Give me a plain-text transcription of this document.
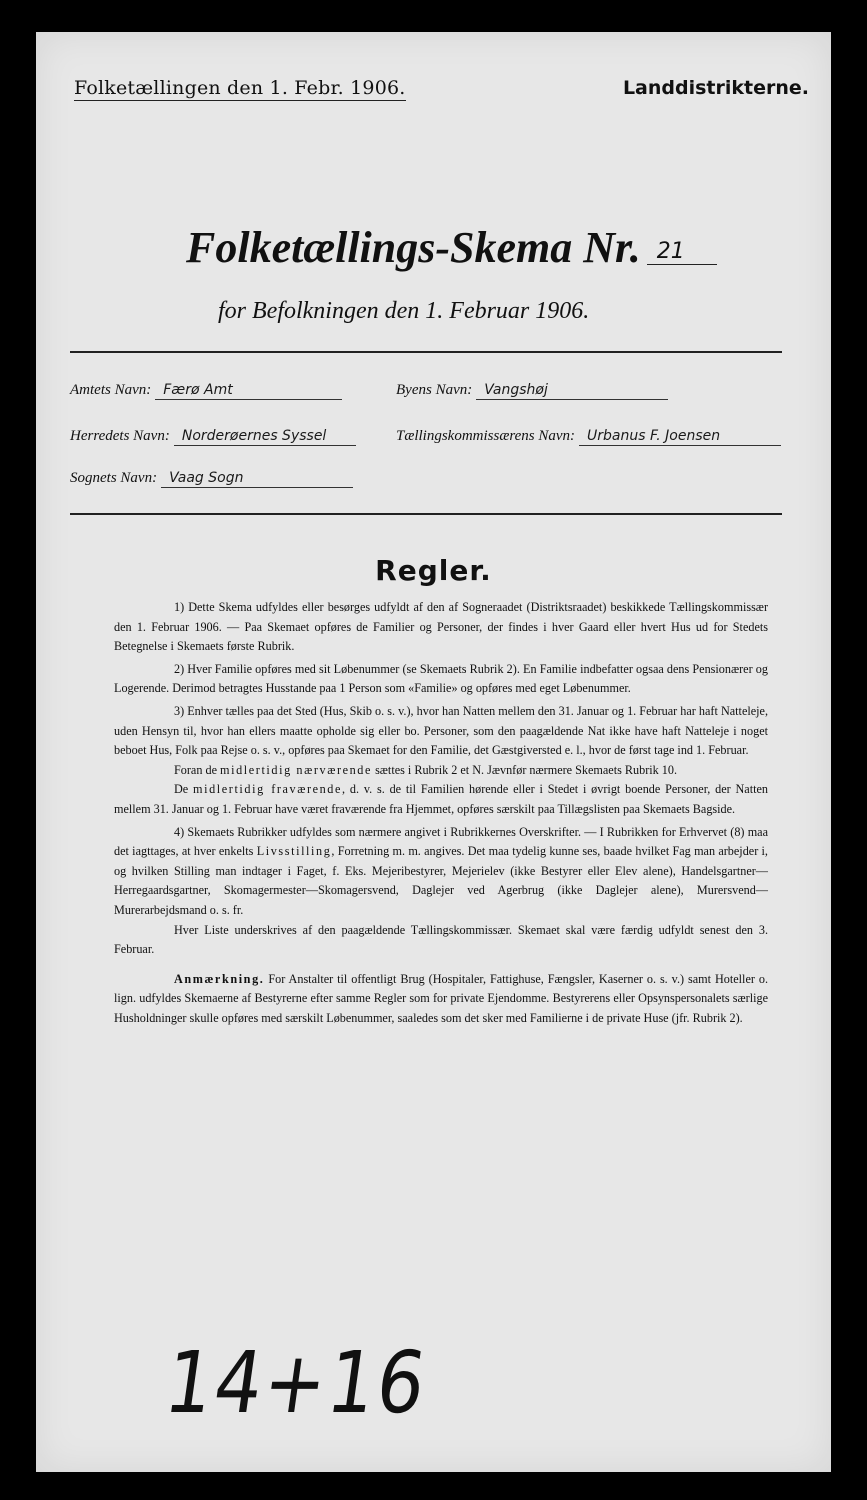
Folketællingen den 1. Febr. 1906.	Landdistrikterne.
Folketællings-Skema Nr. 21
for Befolkningen den 1. Februar 1906.
Amtets Navn: Færø Amt	Byens Navn: Vangshøj
Herredets Navn: Norderøernes Syssel	Tællingskommissærens Navn: Urbanus F. Joensen
Sognets Navn: Vaag Sogn
Regler.

1) Dette Skema udfyldes eller besørges udfyldt af den af Sogneraadet (Distriktsraadet) beskikkede Tællingskommissær den 1. Februar 1906. — Paa Skemaet opføres de Familier og Personer, der findes i hver Gaard eller hvert Hus ud for Stedets Betegnelse i Skemaets første Rubrik.

2) Hver Familie opføres med sit Løbenummer (se Skemaets Rubrik 2). En Familie indbefatter ogsaa dens Pensionærer og Logerende. Derimod betragtes Husstande paa 1 Person som «Familie» og opføres med eget Løbenummer.

3) Enhver tælles paa det Sted (Hus, Skib o. s. v.), hvor han Natten mellem den 31. Januar og 1. Februar har haft Natteleje, uden Hensyn til, hvor han ellers maatte opholde sig eller bo. Personer, som den paagældende Nat ikke have haft Natteleje i noget beboet Hus, Folk paa Rejse o. s. v., opføres paa Skemaet for den Familie, det Gæstgiversted e. l., hvor de først tage ind 1. Februar.

Foran de midlertidig nærværende sættes i Rubrik 2 et N. Jævnfør nærmere Skemaets Rubrik 10.

De midlertidig fraværende, d. v. s. de til Familien hørende eller i Stedet i øvrigt boende Personer, der Natten mellem 31. Januar og 1. Februar have været fraværende fra Hjemmet, opføres særskilt paa Tillægslisten paa Skemaets Bagside.

4) Skemaets Rubrikker udfyldes som nærmere angivet i Rubrikkernes Overskrifter. — I Rubrikken for Erhvervet (8) maa det iagttages, at hver enkelts Livsstilling, Forretning m. m. angives. Det maa tydelig kunne ses, baade hvilket Fag man arbejder i, og hvilken Stilling man indtager i Faget, f. Eks. Mejeribestyrer, Mejerielev (ikke Bestyrer eller Elev alene), Handelsgartner—Herregaardsgartner, Skomagermester—Skomagersvend, Daglejer ved Agerbrug (ikke Daglejer alene), Murersvend—Murerarbejdsmand o. s. fr.

Hver Liste underskrives af den paagældende Tællingskommissær. Skemaet skal være færdig udfyldt senest den 3. Februar.

Anmærkning. For Anstalter til offentligt Brug (Hospitaler, Fattighuse, Fængsler, Kaserner o. s. v.) samt Hoteller o. lign. udfyldes Skemaerne af Bestyrerne efter samme Regler som for private Ejendomme. Bestyrerens eller Opsynspersonalets særlige Husholdninger skulle opføres med særskilt Løbenummer, saaledes som det sker med Familierne i de private Huse (jfr. Rubrik 2).

14+16
